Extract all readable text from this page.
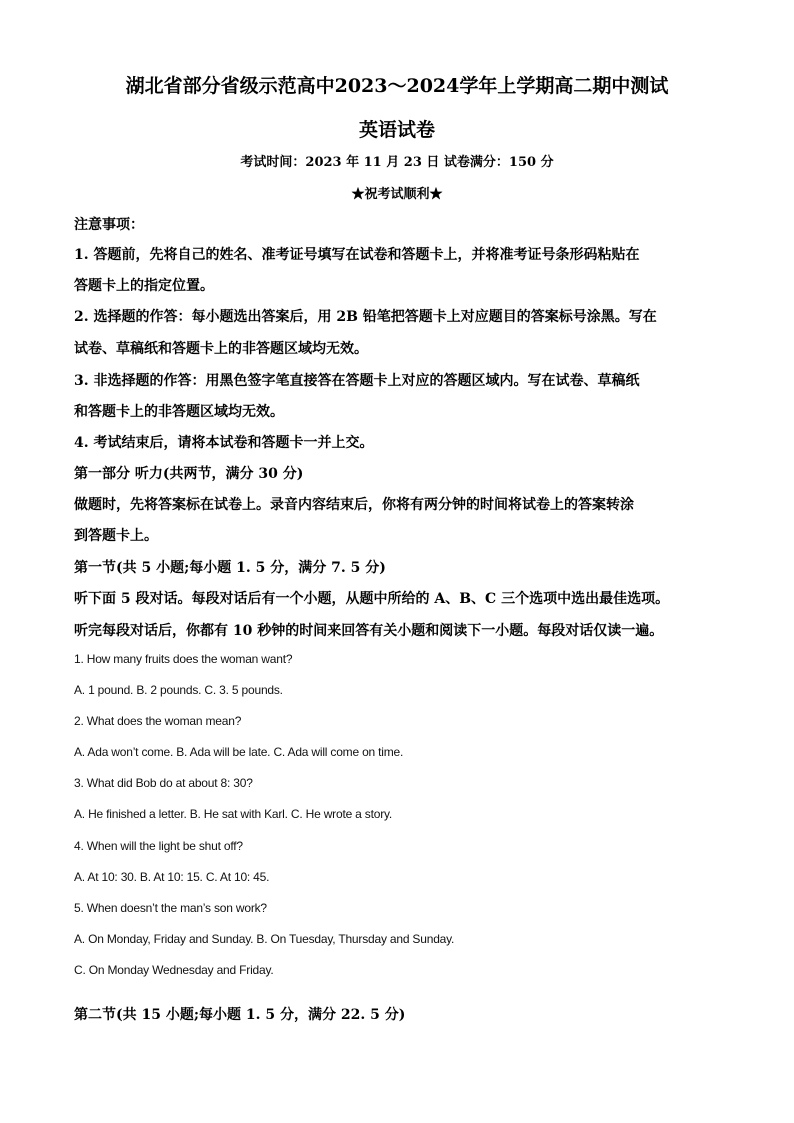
湖北省部分省级示范高中2023～2024学年上学期高二期中测试
英语试卷
考试时间：2023 年 11 月 23 日 试卷满分：150 分
★祝考试顺利★
注意事项：
1. 答题前，先将自己的姓名、准考证号填写在试卷和答题卡上，并将准考证号条形码粘贴在
答题卡上的指定位置。
2. 选择题的作答：每小题选出答案后，用 2B 铅笔把答题卡上对应题目的答案标号涂黑。写在
试卷、草稿纸和答题卡上的非答题区域均无效。
3. 非选择题的作答：用黑色签字笔直接答在答题卡上对应的答题区域内。写在试卷、草稿纸
和答题卡上的非答题区域均无效。
4. 考试结束后，请将本试卷和答题卡一并上交。
第一部分 听力(共两节，满分 30 分)
做题时，先将答案标在试卷上。录音内容结束后，你将有两分钟的时间将试卷上的答案转涂
到答题卡上。
第一节(共 5 小题;每小题 1. 5 分，满分 7. 5 分)
听下面 5 段对话。每段对话后有一个小题，从题中所给的 A、B、C 三个选项中选出最佳选项。
听完每段对话后，你都有 10 秒钟的时间来回答有关小题和阅读下一小题。每段对话仅读一遍。
1. How many fruits does the woman want?
A. 1 pound. B. 2 pounds. C. 3. 5 pounds.
2. What does the woman mean?
A. Ada won’t come. B. Ada will be late. C. Ada will come on time.
3. What did Bob do at about 8: 30?
A. He finished a letter. B. He sat with Karl. C. He wrote a story.
4. When will the light be shut off?
A. At 10: 30. B. At 10: 15. C. At 10: 45.
5. When doesn’t the man’s son work?
A. On Monday, Friday and Sunday. B. On Tuesday, Thursday and Sunday.
C. On Monday Wednesday and Friday.
第二节(共 15 小题;每小题 1. 5 分，满分 22. 5 分)
